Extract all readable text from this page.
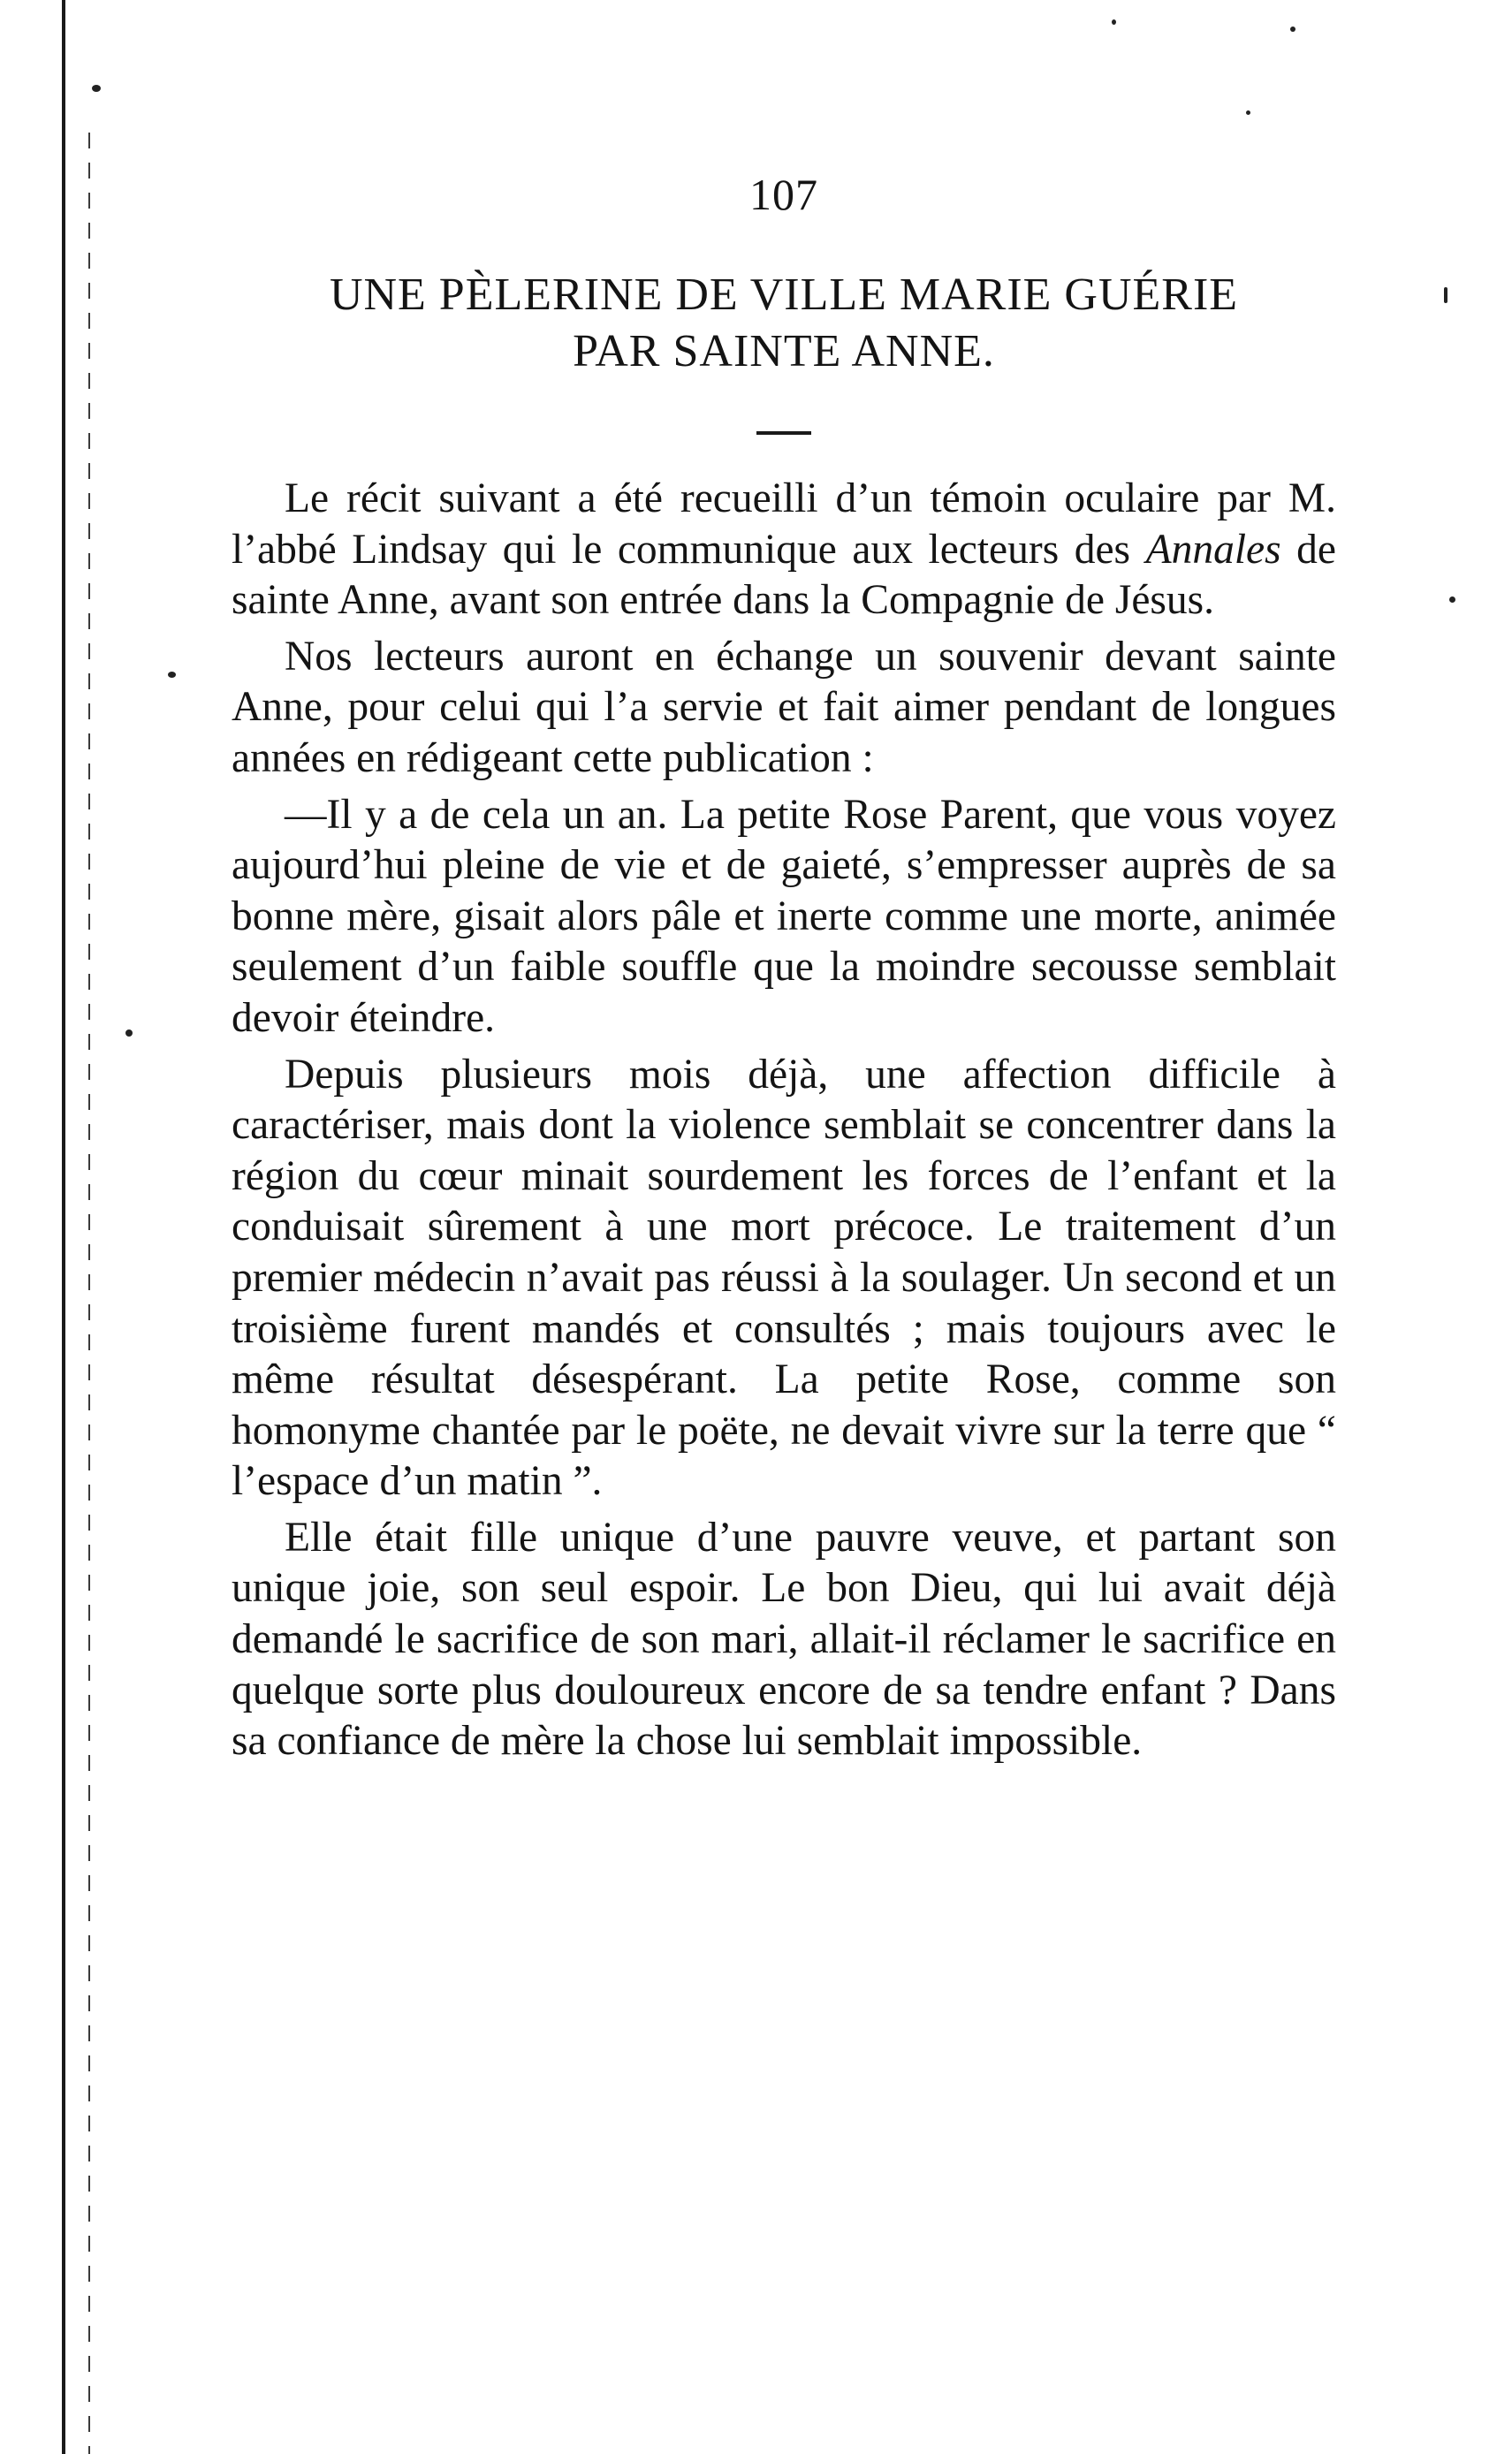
107
UNE PÈLERINE DE VILLE MARIE GUÉRIE
PAR SAINTE ANNE.

Le récit suivant a été recueilli d’un témoin oculaire par M. l’abbé Lindsay qui le communique aux lecteurs des Annales de sainte Anne, avant son entrée dans la Compagnie de Jésus.

Nos lecteurs auront en échange un souvenir devant sainte Anne, pour celui qui l’a servie et fait aimer pendant de longues années en rédigeant cette publication :

—Il y a de cela un an. La petite Rose Parent, que vous voyez aujourd’hui pleine de vie et de gaieté, s’empresser auprès de sa bonne mère, gisait alors pâle et inerte comme une morte, animée seulement d’un faible souffle que la moindre secousse semblait devoir éteindre.

Depuis plusieurs mois déjà, une affection difficile à caractériser, mais dont la violence semblait se concentrer dans la région du cœur minait sourdement les forces de l’enfant et la conduisait sûrement à une mort précoce. Le traitement d’un premier médecin n’avait pas réussi à la soulager. Un second et un troisième furent mandés et consultés ; mais toujours avec le même résultat désespérant. La petite Rose, comme son homonyme chantée par le poëte, ne devait vivre sur la terre que “ l’espace d’un matin ”.

Elle était fille unique d’une pauvre veuve, et partant son unique joie, son seul espoir. Le bon Dieu, qui lui avait déjà demandé le sacrifice de son mari, allait-il réclamer le sacrifice en quelque sorte plus douloureux encore de sa tendre enfant ? Dans sa confiance de mère la chose lui semblait impossible.
